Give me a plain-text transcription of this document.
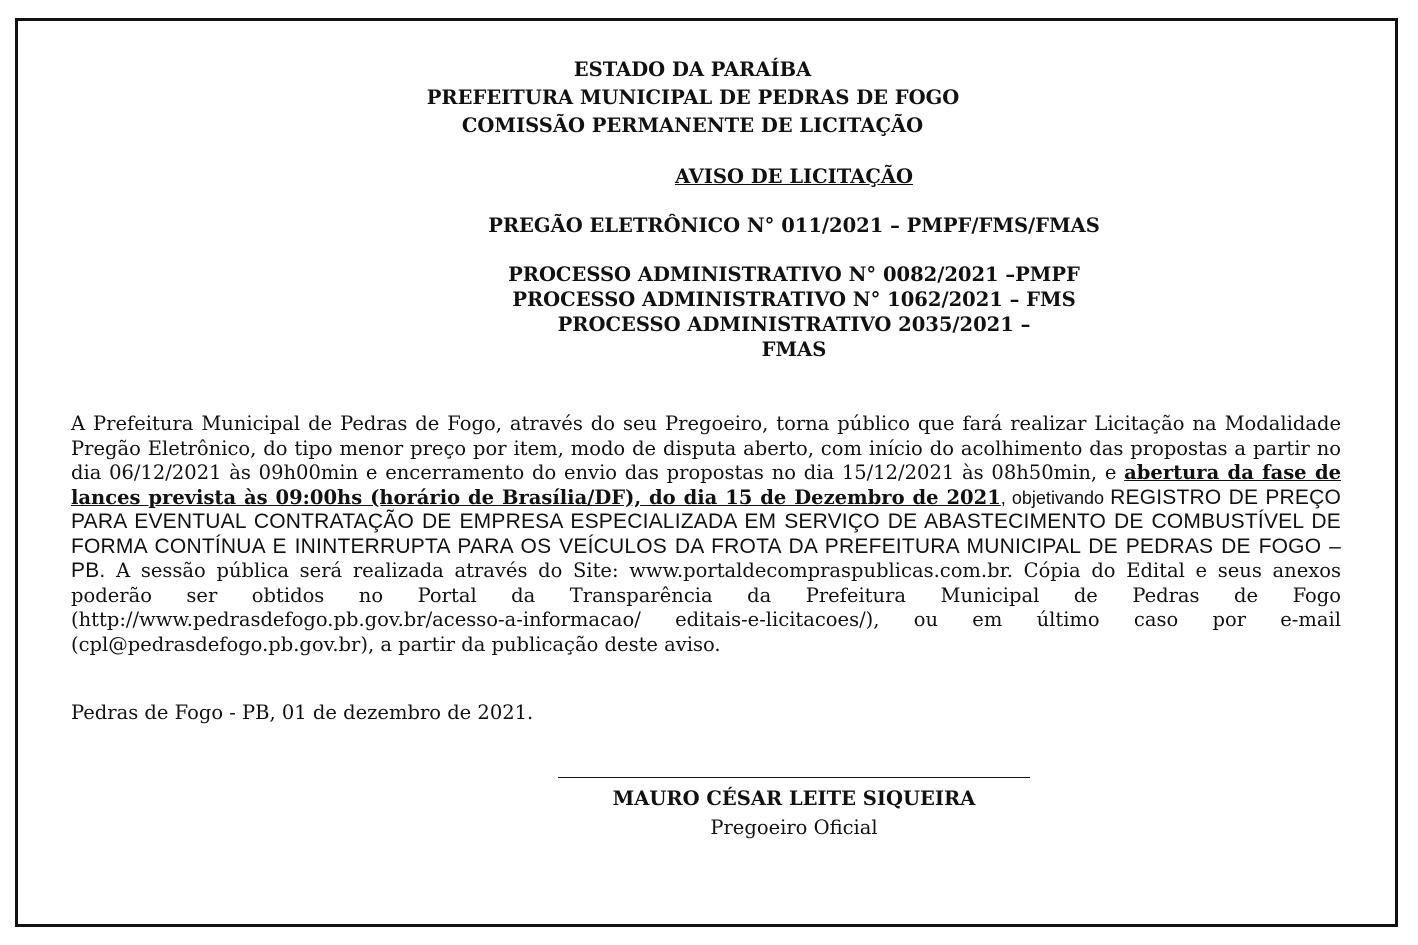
ESTADO DA PARAÍBA
PREFEITURA MUNICIPAL DE PEDRAS DE FOGO
COMISSÃO PERMANENTE DE LICITAÇÃO
AVISO DE LICITAÇÃO
PREGÃO ELETRÔNICO N° 011/2021 – PMPF/FMS/FMAS
PROCESSO ADMINISTRATIVO N° 0082/2021 –PMPF
PROCESSO ADMINISTRATIVO N° 1062/2021 – FMS
PROCESSO ADMINISTRATIVO 2035/2021 –
FMAS
A Prefeitura Municipal de Pedras de Fogo, através do seu Pregoeiro, torna público que fará realizar Licitação na Modalidade Pregão Eletrônico, do tipo menor preço por item, modo de disputa aberto, com início do acolhimento das propostas a partir no dia 06/12/2021 às 09h00min e encerramento do envio das propostas no dia 15/12/2021 às 08h50min, e abertura da fase de lances prevista às 09:00hs (horário de Brasília/DF), do dia 15 de Dezembro de 2021, objetivando REGISTRO DE PREÇO PARA EVENTUAL CONTRATAÇÃO DE EMPRESA ESPECIALIZADA EM SERVIÇO DE ABASTECIMENTO DE COMBUSTÍVEL DE FORMA CONTÍNUA E ININTERRUPTA PARA OS VEÍCULOS DA FROTA DA PREFEITURA MUNICIPAL DE PEDRAS DE FOGO – PB. A sessão pública será realizada através do Site: www.portaldecompraspublicas.com.br. Cópia do Edital e seus anexos poderão ser obtidos no Portal da Transparência da Prefeitura Municipal de Pedras de Fogo (http://www.pedrasdefogo.pb.gov.br/acesso-a-informacao/ editais-e-licitacoes/), ou em último caso por e-mail (cpl@pedrasdefogo.pb.gov.br), a partir da publicação deste aviso.
Pedras de Fogo - PB, 01 de dezembro de 2021.
MAURO CÉSAR LEITE SIQUEIRA
Pregoeiro Oficial
